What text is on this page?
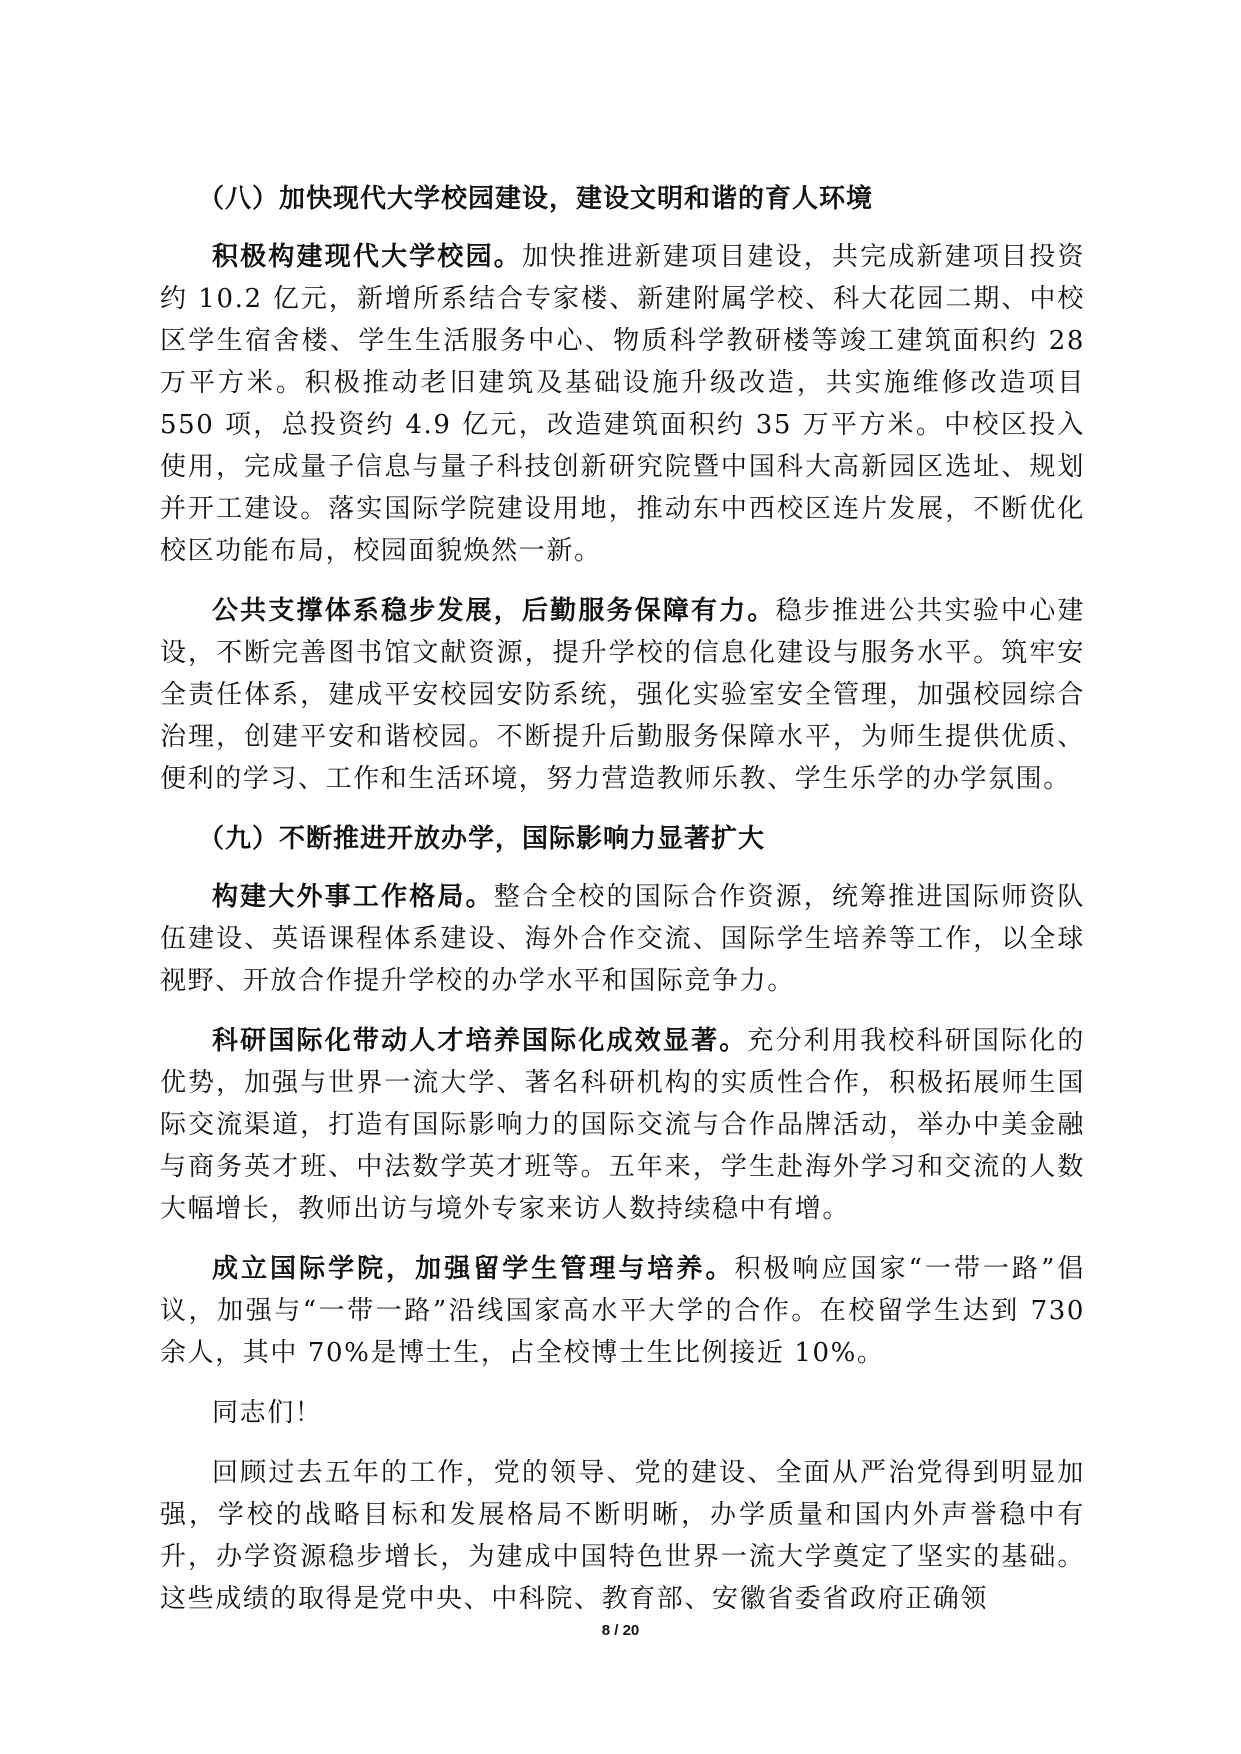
（八）加快现代大学校园建设，建设文明和谐的育人环境

积极构建现代大学校园。加快推进新建项目建设，共完成新建项目投资约 10.2 亿元，新增所系结合专家楼、新建附属学校、科大花园二期、中校区学生宿舍楼、学生生活服务中心、物质科学教研楼等竣工建筑面积约 28 万平方米。积极推动老旧建筑及基础设施升级改造，共实施维修改造项目 550 项，总投资约 4.9 亿元，改造建筑面积约 35 万平方米。中校区投入使用，完成量子信息与量子科技创新研究院暨中国科大高新园区选址、规划并开工建设。落实国际学院建设用地，推动东中西校区连片发展，不断优化校区功能布局，校园面貌焕然一新。

公共支撑体系稳步发展，后勤服务保障有力。稳步推进公共实验中心建设，不断完善图书馆文献资源，提升学校的信息化建设与服务水平。筑牢安全责任体系，建成平安校园安防系统，强化实验室安全管理，加强校园综合治理，创建平安和谐校园。不断提升后勤服务保障水平，为师生提供优质、便利的学习、工作和生活环境，努力营造教师乐教、学生乐学的办学氛围。

（九）不断推进开放办学，国际影响力显著扩大

构建大外事工作格局。整合全校的国际合作资源，统筹推进国际师资队伍建设、英语课程体系建设、海外合作交流、国际学生培养等工作，以全球视野、开放合作提升学校的办学水平和国际竞争力。

科研国际化带动人才培养国际化成效显著。充分利用我校科研国际化的优势，加强与世界一流大学、著名科研机构的实质性合作，积极拓展师生国际交流渠道，打造有国际影响力的国际交流与合作品牌活动，举办中美金融与商务英才班、中法数学英才班等。五年来，学生赴海外学习和交流的人数大幅增长，教师出访与境外专家来访人数持续稳中有增。

成立国际学院，加强留学生管理与培养。积极响应国家“一带一路”倡议，加强与“一带一路”沿线国家高水平大学的合作。在校留学生达到 730 余人，其中 70%是博士生，占全校博士生比例接近 10%。

同志们！

回顾过去五年的工作，党的领导、党的建设、全面从严治党得到明显加强，学校的战略目标和发展格局不断明晰，办学质量和国内外声誉稳中有升，办学资源稳步增长，为建成中国特色世界一流大学奠定了坚实的基础。这些成绩的取得是党中央、中科院、教育部、安徽省委省政府正确领

8 / 20
